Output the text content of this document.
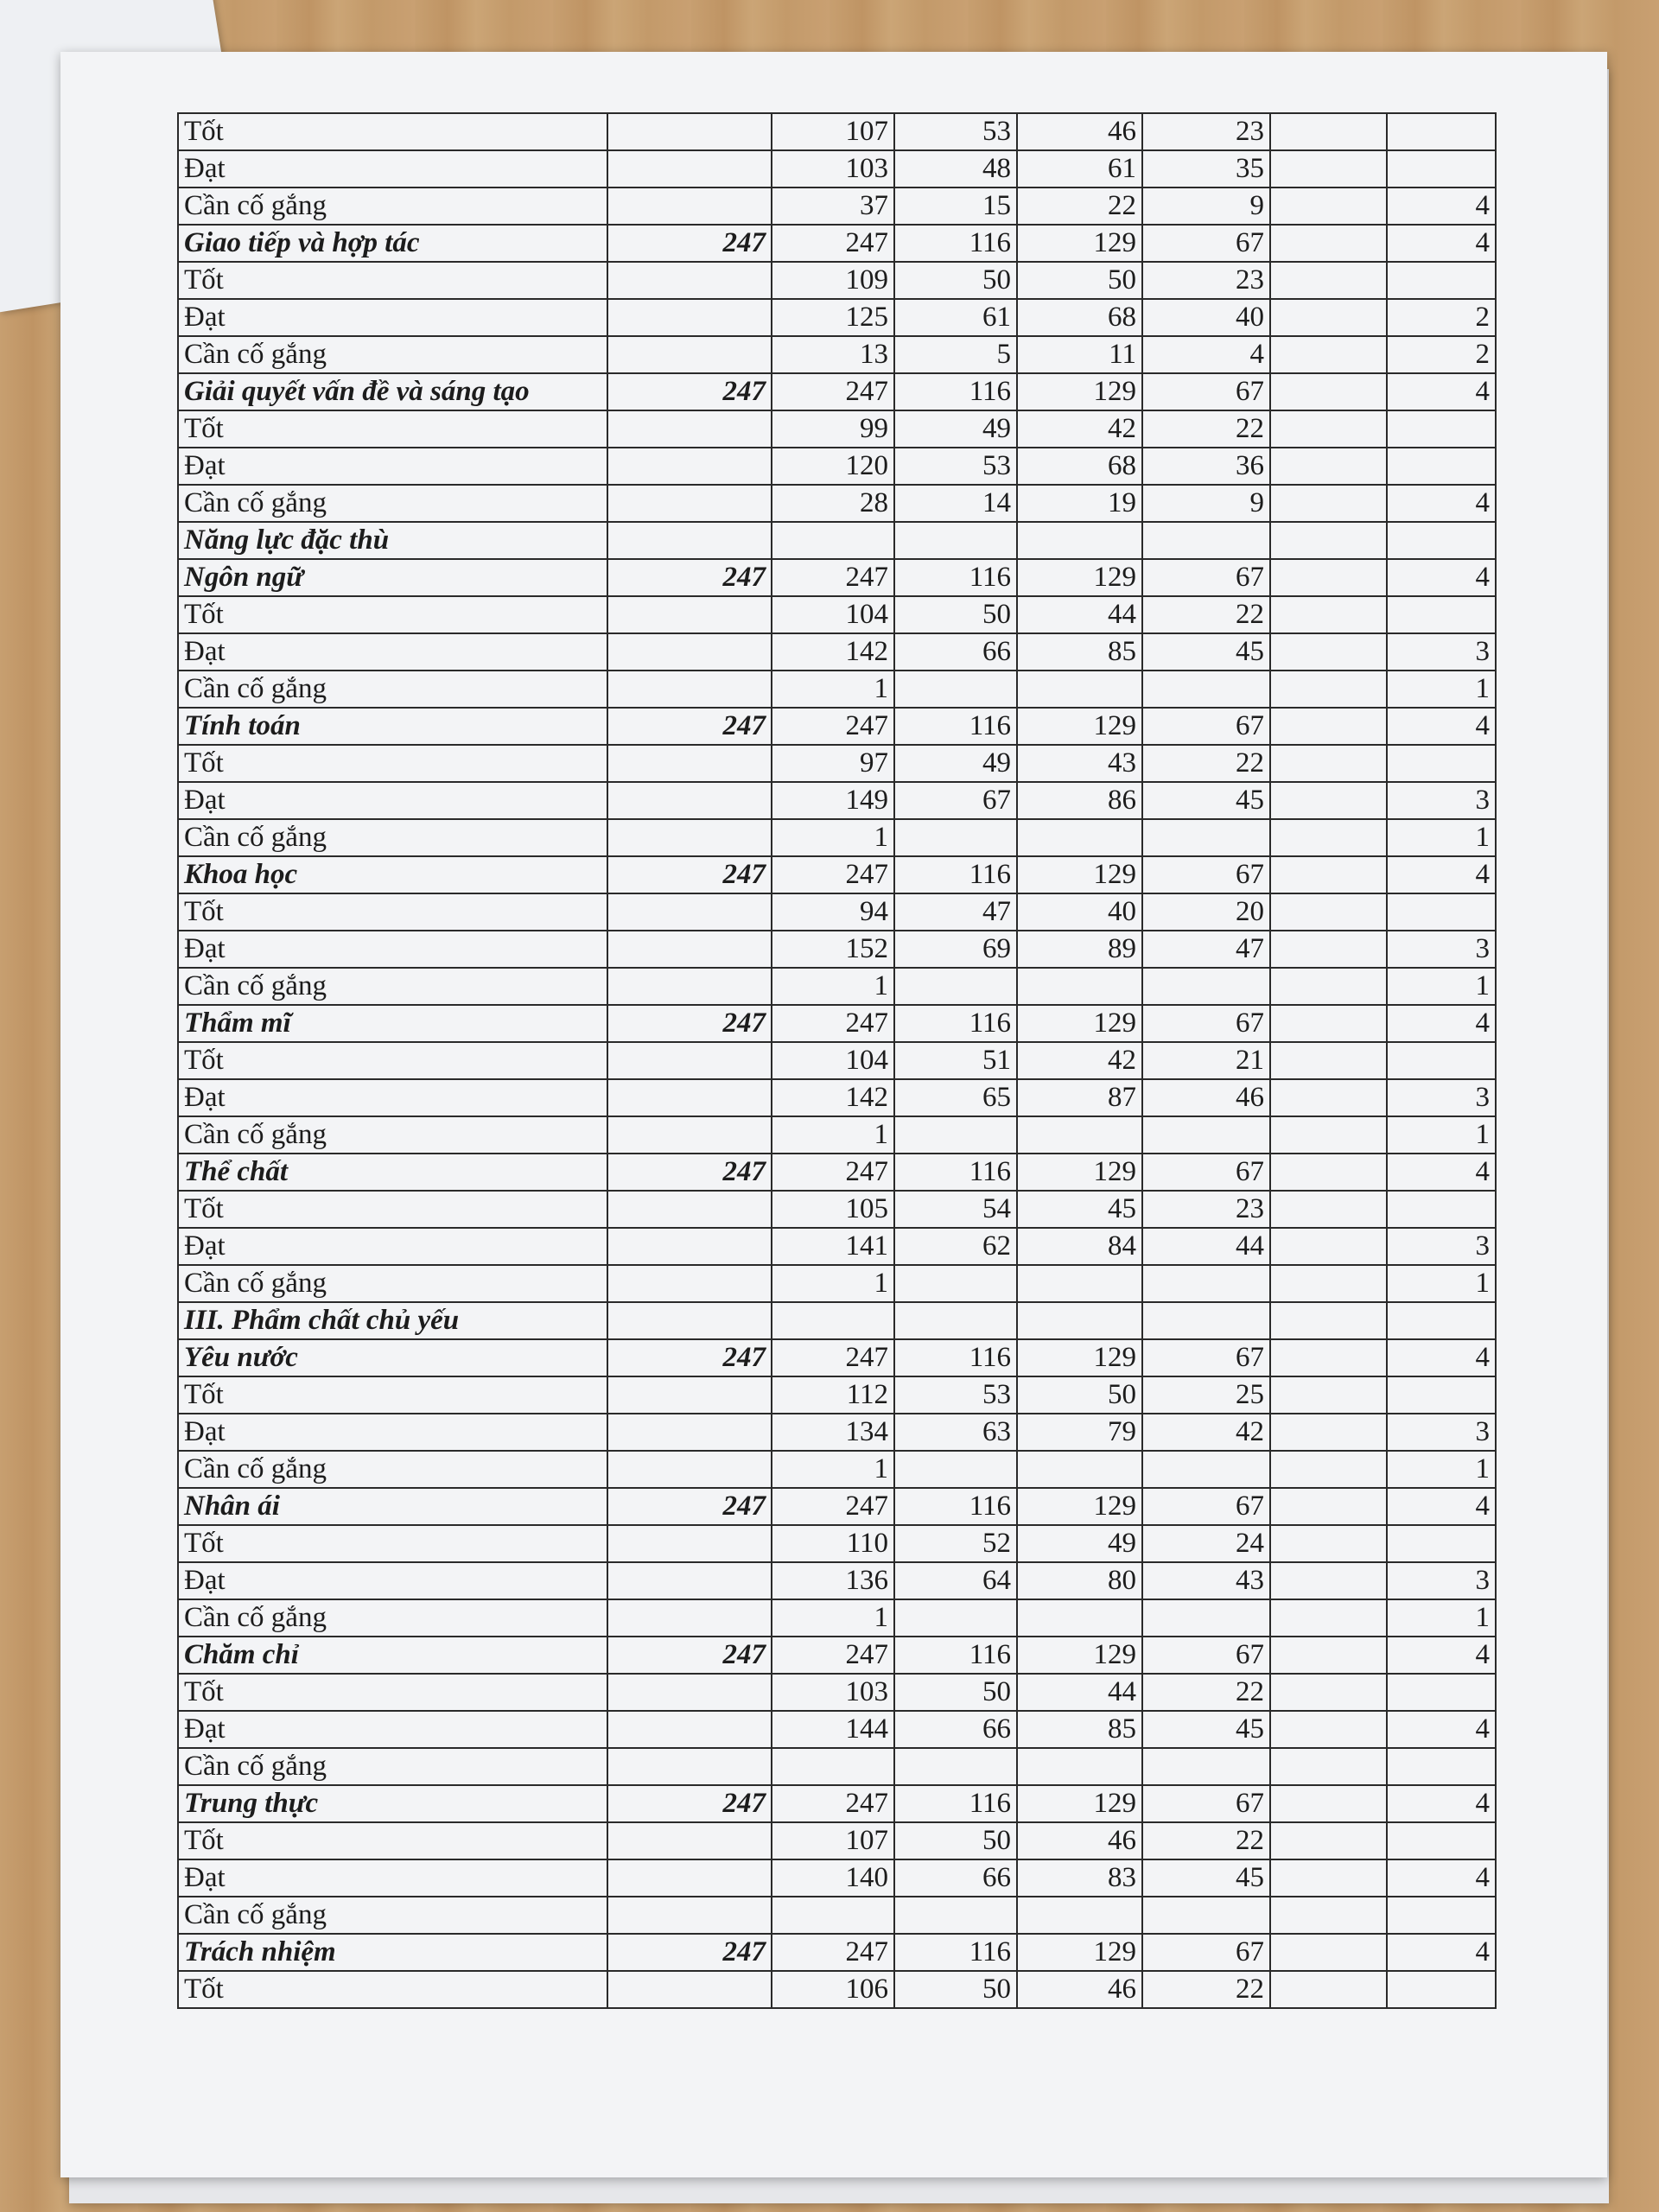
Tốt		107	53	46	23		
Đạt		103	48	61	35		
Cần cố gắng		37	15	22	9		4
Giao tiếp và hợp tác	247	247	116	129	67		4
Tốt		109	50	50	23		
Đạt		125	61	68	40		2
Cần cố gắng		13	5	11	4		2
Giải quyết vấn đề và sáng tạo	247	247	116	129	67		4
Tốt		99	49	42	22		
Đạt		120	53	68	36		
Cần cố gắng		28	14	19	9		4
Năng lực đặc thù							
Ngôn ngữ	247	247	116	129	67		4
Tốt		104	50	44	22		
Đạt		142	66	85	45		3
Cần cố gắng		1					1
Tính toán	247	247	116	129	67		4
Tốt		97	49	43	22		
Đạt		149	67	86	45		3
Cần cố gắng		1					1
Khoa học	247	247	116	129	67		4
Tốt		94	47	40	20		
Đạt		152	69	89	47		3
Cần cố gắng		1					1
Thẩm mĩ	247	247	116	129	67		4
Tốt		104	51	42	21		
Đạt		142	65	87	46		3
Cần cố gắng		1					1
Thể chất	247	247	116	129	67		4
Tốt		105	54	45	23		
Đạt		141	62	84	44		3
Cần cố gắng		1					1
III. Phẩm chất chủ yếu							
Yêu nước	247	247	116	129	67		4
Tốt		112	53	50	25		
Đạt		134	63	79	42		3
Cần cố gắng		1					1
Nhân ái	247	247	116	129	67		4
Tốt		110	52	49	24		
Đạt		136	64	80	43		3
Cần cố gắng		1					1
Chăm chỉ	247	247	116	129	67		4
Tốt		103	50	44	22		
Đạt		144	66	85	45		4
Cần cố gắng							
Trung thực	247	247	116	129	67		4
Tốt		107	50	46	22		
Đạt		140	66	83	45		4
Cần cố gắng							
Trách nhiệm	247	247	116	129	67		4
Tốt		106	50	46	22		
